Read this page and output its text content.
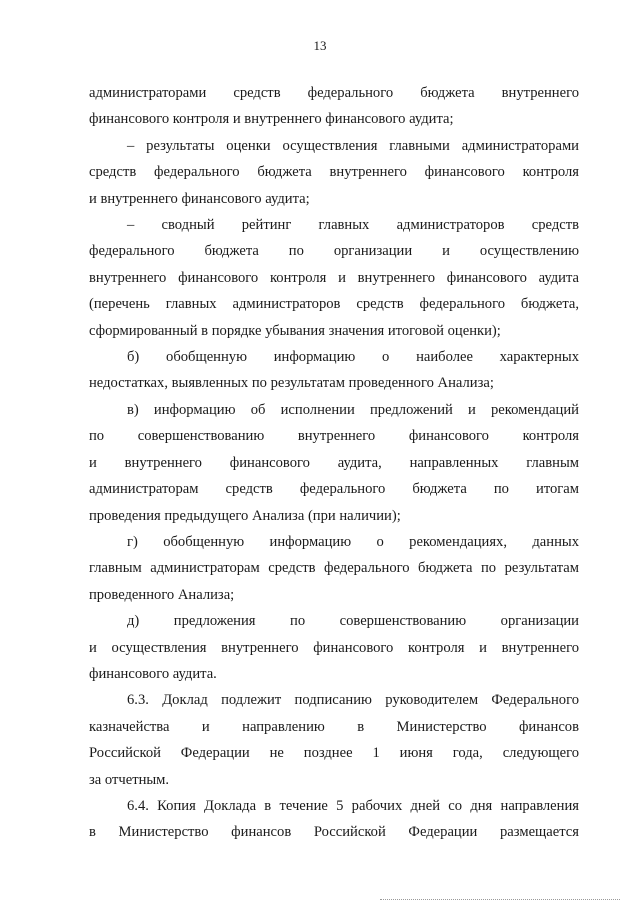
13
администраторами средств федерального бюджета внутреннего
финансового контроля и внутреннего финансового аудита;
– результаты оценки осуществления главными администраторами
средств федерального бюджета внутреннего финансового контроля
и внутреннего финансового аудита;
– сводный рейтинг главных администраторов средств
федерального бюджета по организации и осуществлению
внутреннего финансового контроля и внутреннего финансового аудита
(перечень главных администраторов средств федерального бюджета,
сформированный в порядке убывания значения итоговой оценки);
б) обобщенную информацию о наиболее характерных
недостатках, выявленных по результатам проведенного Анализа;
в) информацию об исполнении предложений и рекомендаций
по совершенствованию внутреннего финансового контроля
и внутреннего финансового аудита, направленных главным
администраторам средств федерального бюджета по итогам
проведения предыдущего Анализа (при наличии);
г) обобщенную информацию о рекомендациях, данных
главным администраторам средств федерального бюджета по результатам
проведенного Анализа;
д) предложения по совершенствованию организации
и осуществления внутреннего финансового контроля и внутреннего
финансового аудита.
6.3. Доклад подлежит подписанию руководителем Федерального
казначейства и направлению в Министерство финансов
Российской Федерации не позднее 1 июня года, следующего
за отчетным.
6.4. Копия Доклада в течение 5 рабочих дней со дня направления
в Министерство финансов Российской Федерации размещается
